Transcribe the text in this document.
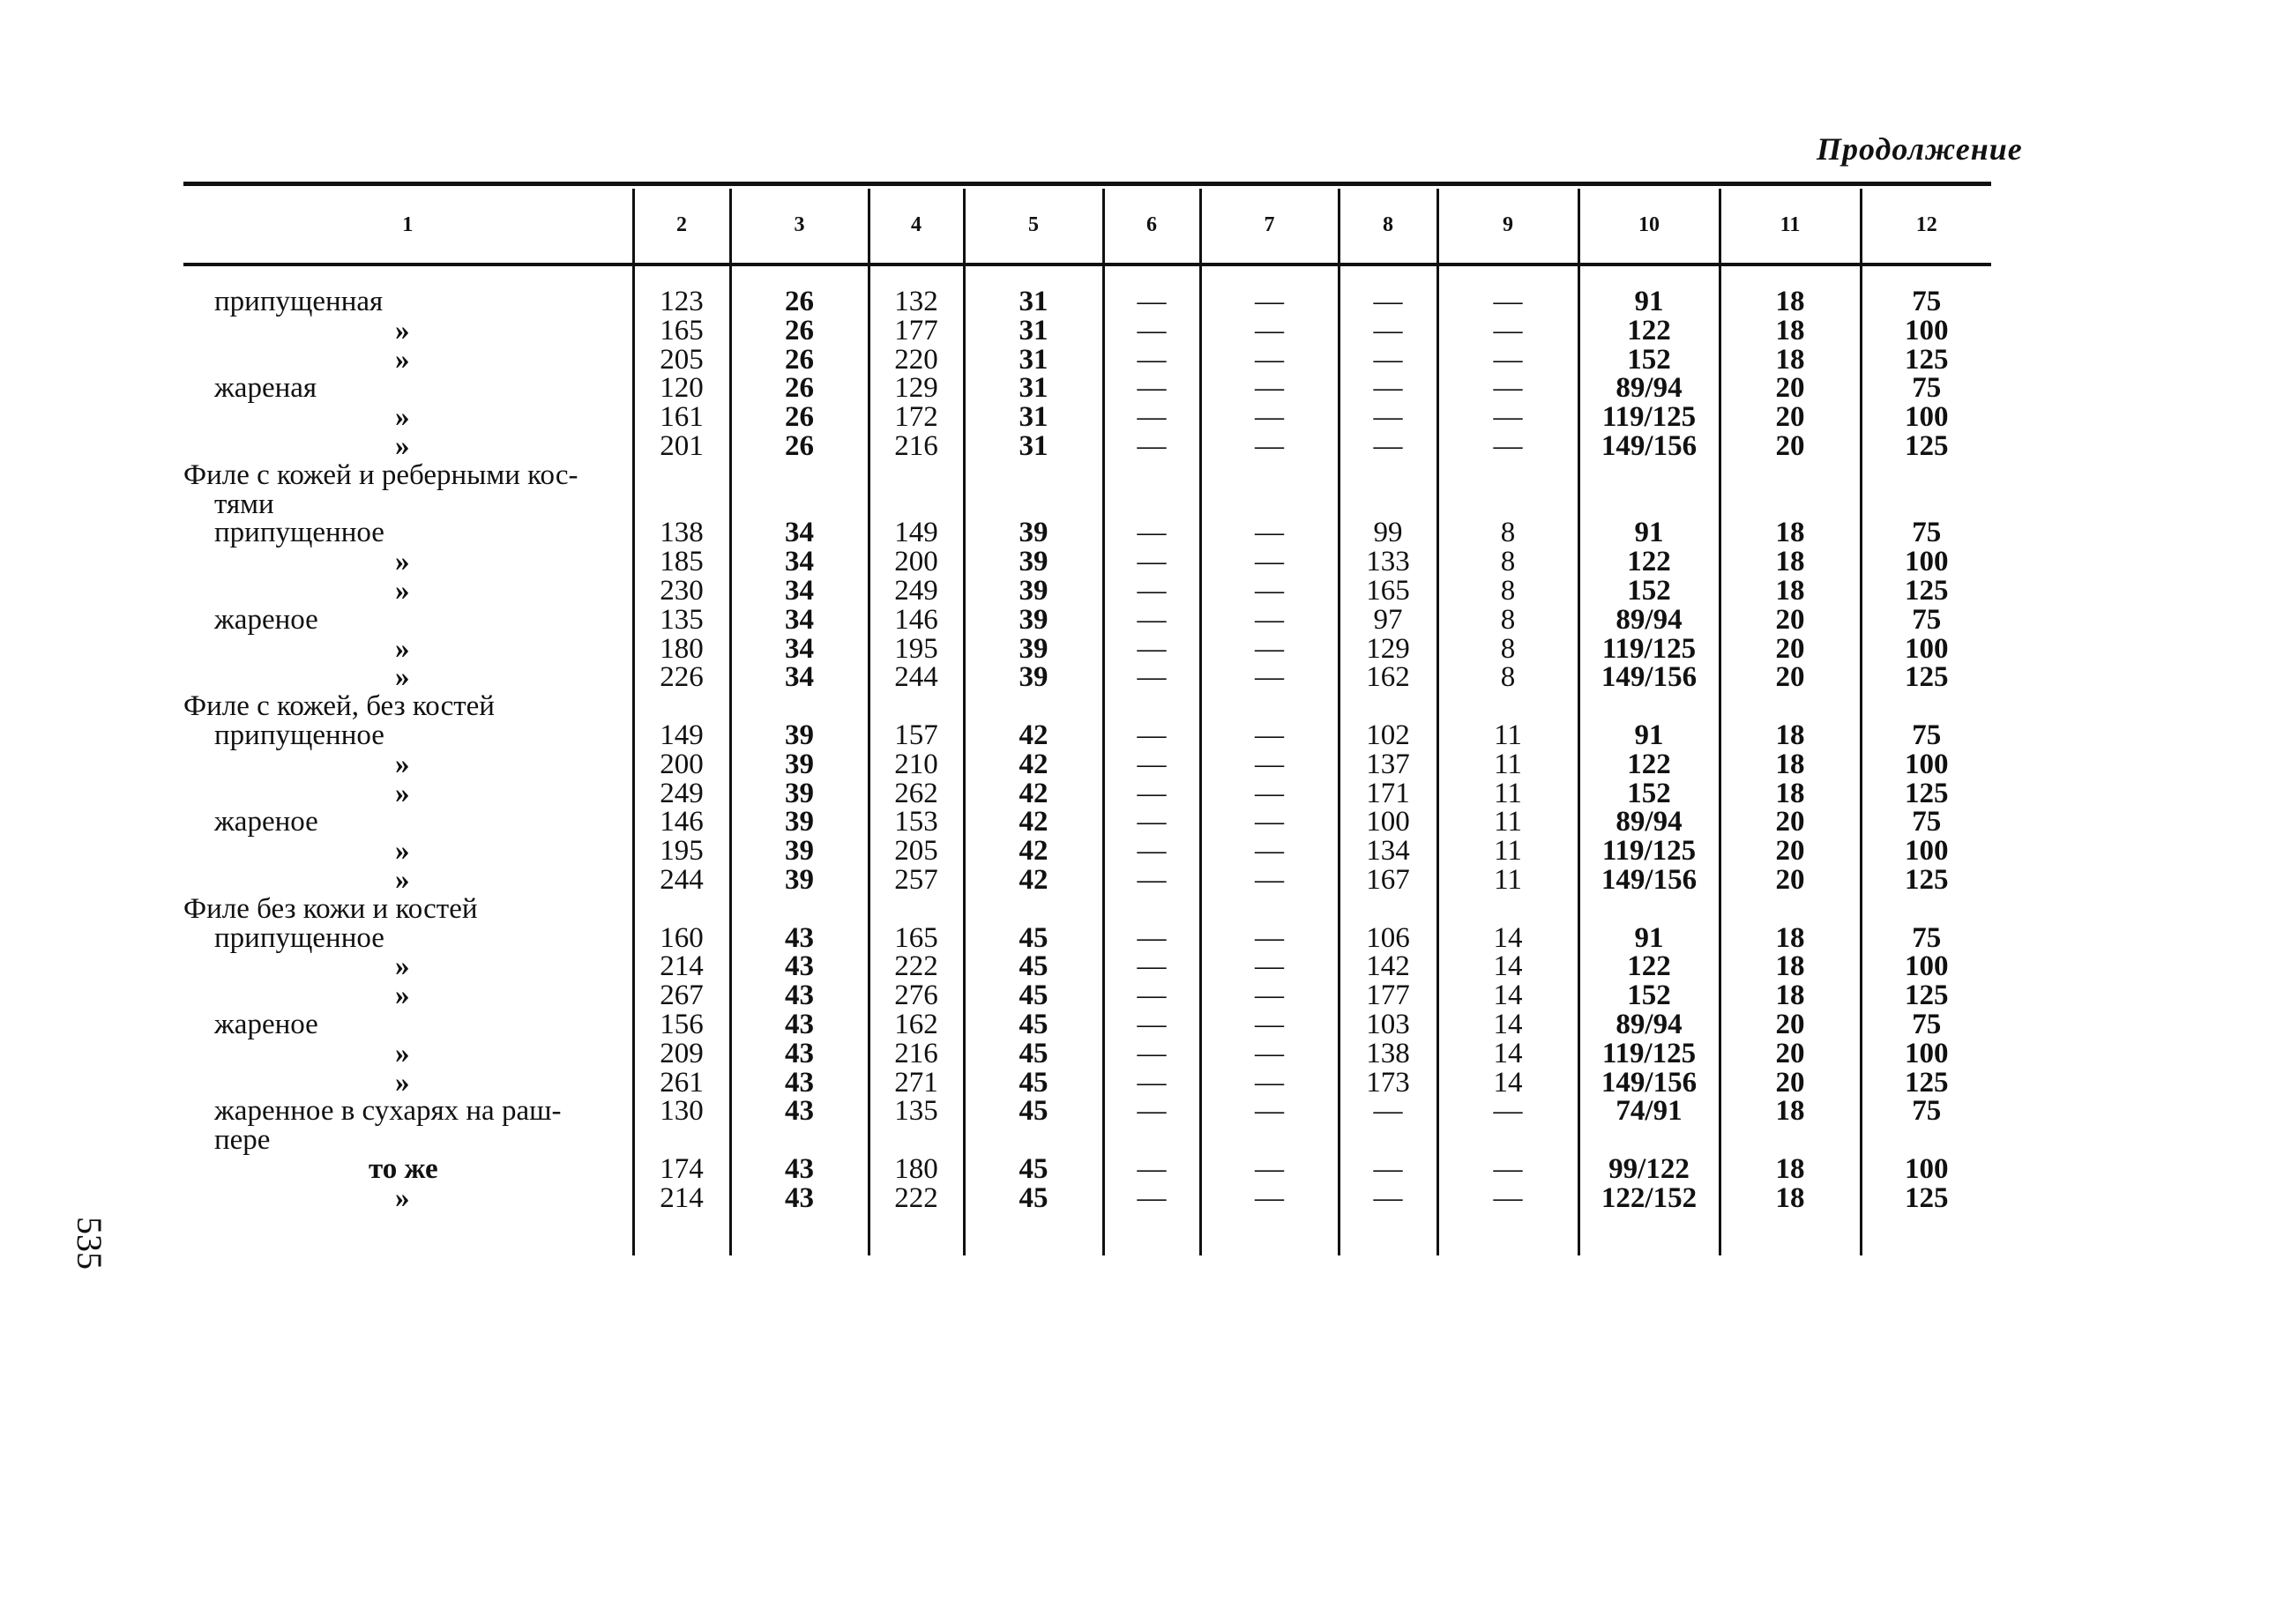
Продолжение
535
1	2	3	4	5	6	7	8	9	10	11	12

припущенная	123	26	132	31	—	—	—	—	91	18	75
»	165	26	177	31	—	—	—	—	122	18	100
»	205	26	220	31	—	—	—	—	152	18	125
жареная	120	26	129	31	—	—	—	—	89/94	20	75
»	161	26	172	31	—	—	—	—	119/125	20	100
»	201	26	216	31	—	—	—	—	149/156	20	125
Филе с кожей и реберными кос-											
тями											
припущенное	138	34	149	39	—	—	99	8	91	18	75
»	185	34	200	39	—	—	133	8	122	18	100
»	230	34	249	39	—	—	165	8	152	18	125
жареное	135	34	146	39	—	—	97	8	89/94	20	75
»	180	34	195	39	—	—	129	8	119/125	20	100
»	226	34	244	39	—	—	162	8	149/156	20	125
Филе с кожей, без костей											
припущенное	149	39	157	42	—	—	102	11	91	18	75
»	200	39	210	42	—	—	137	11	122	18	100
»	249	39	262	42	—	—	171	11	152	18	125
жареное	146	39	153	42	—	—	100	11	89/94	20	75
»	195	39	205	42	—	—	134	11	119/125	20	100
»	244	39	257	42	—	—	167	11	149/156	20	125
Филе без кожи и костей											
припущенное	160	43	165	45	—	—	106	14	91	18	75
»	214	43	222	45	—	—	142	14	122	18	100
»	267	43	276	45	—	—	177	14	152	18	125
жареное	156	43	162	45	—	—	103	14	89/94	20	75
»	209	43	216	45	—	—	138	14	119/125	20	100
»	261	43	271	45	—	—	173	14	149/156	20	125
жаренное в сухарях на раш-	130	43	135	45	—	—	—	—	74/91	18	75
пере											
то же	174	43	180	45	—	—	—	—	99/122	18	100
»	214	43	222	45	—	—	—	—	122/152	18	125
